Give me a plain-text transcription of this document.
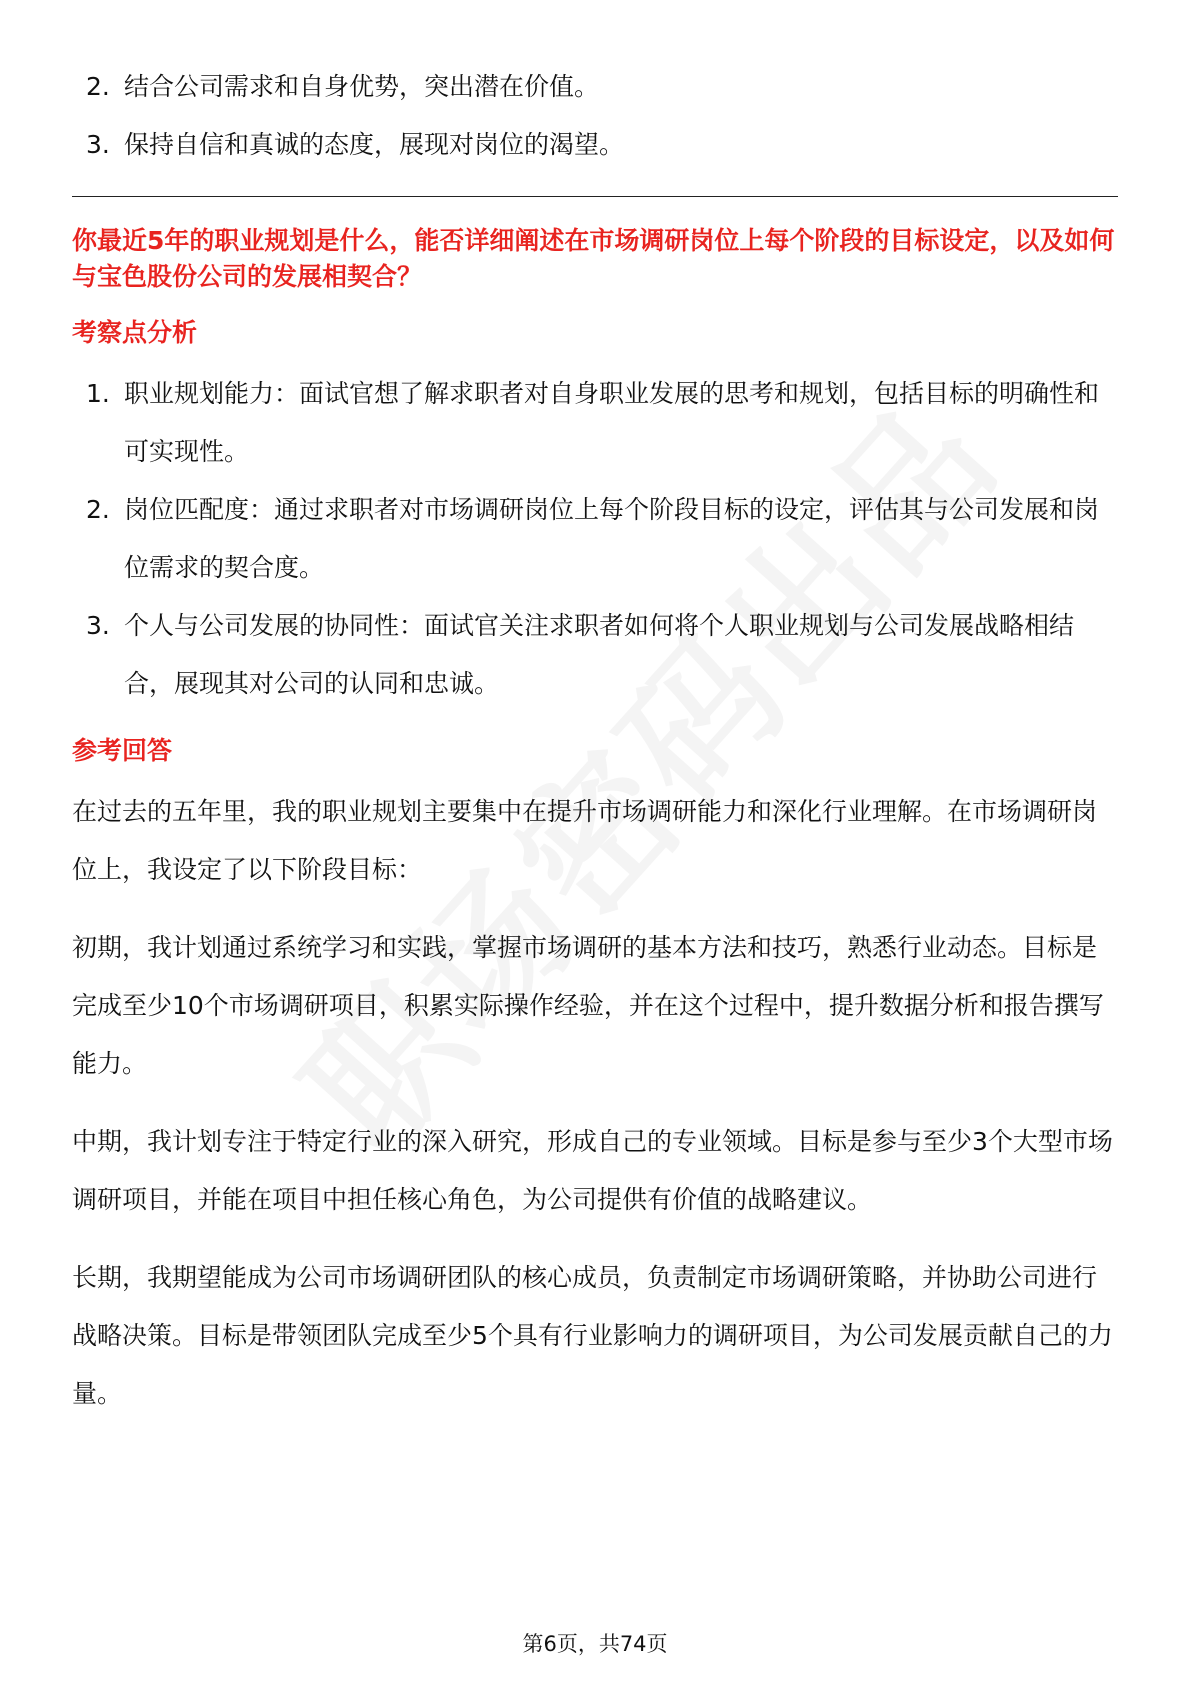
2. 结合公司需求和自身优势，突出潜在价值。
3. 保持自信和真诚的态度，展现对岗位的渴望。
你最近5年的职业规划是什么，能否详细阐述在市场调研岗位上每个阶段的目标设定，以及如何与宝色股份公司的发展相契合？
考察点分析
1. 职业规划能力：面试官想了解求职者对自身职业发展的思考和规划，包括目标的明确性和可实现性。
2. 岗位匹配度：通过求职者对市场调研岗位上每个阶段目标的设定，评估其与公司发展和岗位需求的契合度。
3. 个人与公司发展的协同性：面试官关注求职者如何将个人职业规划与公司发展战略相结合，展现其对公司的认同和忠诚。
参考回答

在过去的五年里，我的职业规划主要集中在提升市场调研能力和深化行业理解。在市场调研岗位上，我设定了以下阶段目标：

初期，我计划通过系统学习和实践，掌握市场调研的基本方法和技巧，熟悉行业动态。目标是完成至少10个市场调研项目，积累实际操作经验，并在这个过程中，提升数据分析和报告撰写能力。

中期，我计划专注于特定行业的深入研究，形成自己的专业领域。目标是参与至少3个大型市场调研项目，并能在项目中担任核心角色，为公司提供有价值的战略建议。

长期，我期望能成为公司市场调研团队的核心成员，负责制定市场调研策略，并协助公司进行战略决策。目标是带领团队完成至少5个具有行业影响力的调研项目，为公司发展贡献自己的力量。

第6页，共74页
